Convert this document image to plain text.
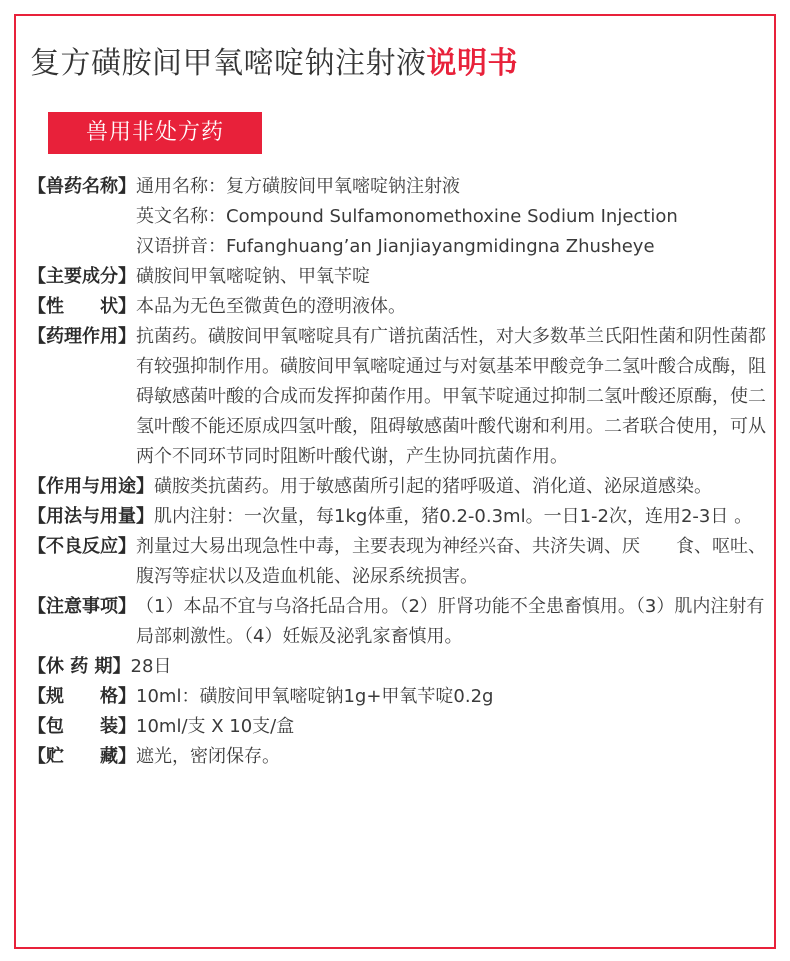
复方磺胺间甲氧嘧啶钠注射液说明书
兽用非处方药
【兽药名称】 通用名称： 复方磺胺间甲氧嘧啶钠注射液
英文名称： Compound Sulfamonomethoxine Sodium Injection
汉语拼音： Fufanghuang’an Jianjiayangmidingna Zhusheye
【主要成分】 磺胺间甲氧嘧啶钠、甲氧苄啶
【性　　状】 本品为无色至微黄色的澄明液体。
【药理作用】 抗菌药。磺胺间甲氧嘧啶具有广谱抗菌活性，对大多数革兰氏阳性菌和阴性菌都有较强抑制作用。磺胺间甲氧嘧啶通过与对氨基苯甲酸竞争二氢叶酸合成酶，阻碍敏感菌叶酸的合成而发挥抑菌作用。甲氧苄啶通过抑制二氢叶酸还原酶，使二氢叶酸不能还原成四氢叶酸，阻碍敏感菌叶酸代谢和利用。二者联合使用，可从两个不同环节同时阻断叶酸代谢，产生协同抗菌作用。
【作用与用途】 磺胺类抗菌药。用于敏感菌所引起的猪呼吸道、消化道、泌尿道感染。
【用法与用量】 肌内注射：一次量，每1kg体重，猪0.2-0.3ml。一日1-2次，连用2-3日 。
【不良反应】 剂量过大易出现急性中毒，主要表现为神经兴奋、共济失调、厌　　食、呕吐、腹泻等症状以及造血机能、泌尿系统损害。
【注意事项】 （1）本品不宜与乌洛托品合用。（2）肝肾功能不全患畜慎用。（3）肌内注射有局部刺激性。（4）妊娠及泌乳家畜慎用。
【休 药 期】 28日
【规　　格】 10ml：磺胺间甲氧嘧啶钠1g+甲氧苄啶0.2g
【包　　装】 10ml/支 X 10支/盒
【贮　　藏】 遮光，密闭保存。
